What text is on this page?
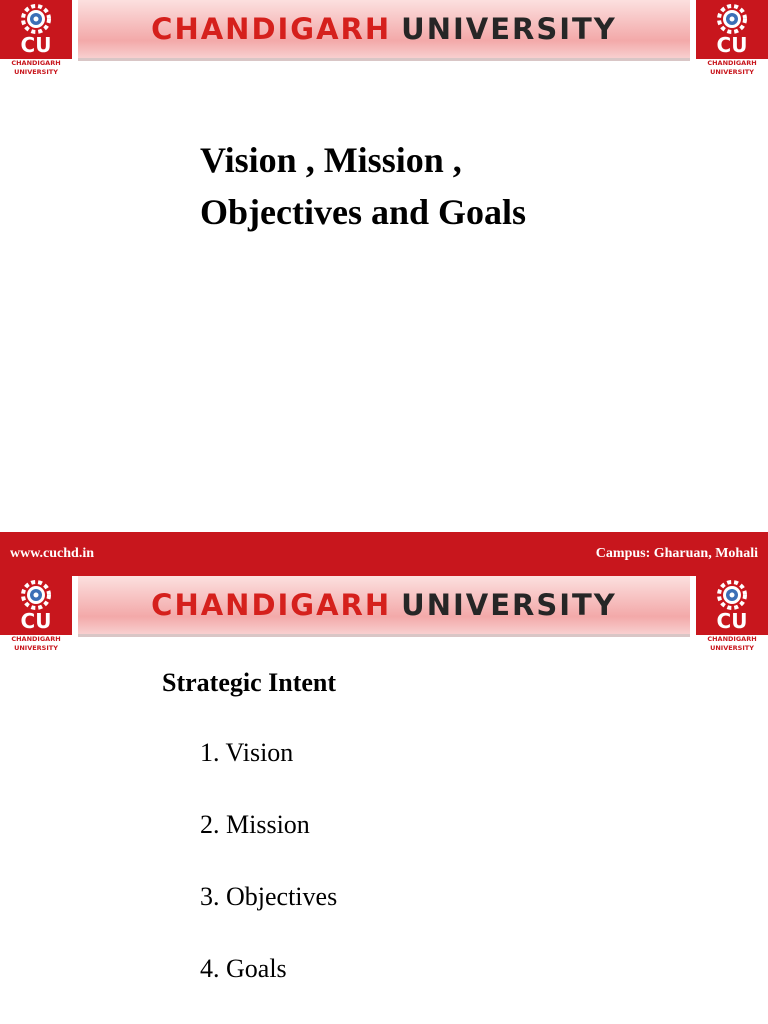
CU
CHANDIGARH
UNIVERSITY
CHANDIGARH UNIVERSITY	CU
CHANDIGARH
UNIVERSITY
Vision , Mission ,
Objectives and Goals
www.cuchd.in	Campus: Gharuan, Mohali
CU
CHANDIGARH
UNIVERSITY
CHANDIGARH UNIVERSITY	CU
CHANDIGARH
UNIVERSITY
Strategic Intent
1. Vision
2. Mission
3. Objectives
4. Goals
